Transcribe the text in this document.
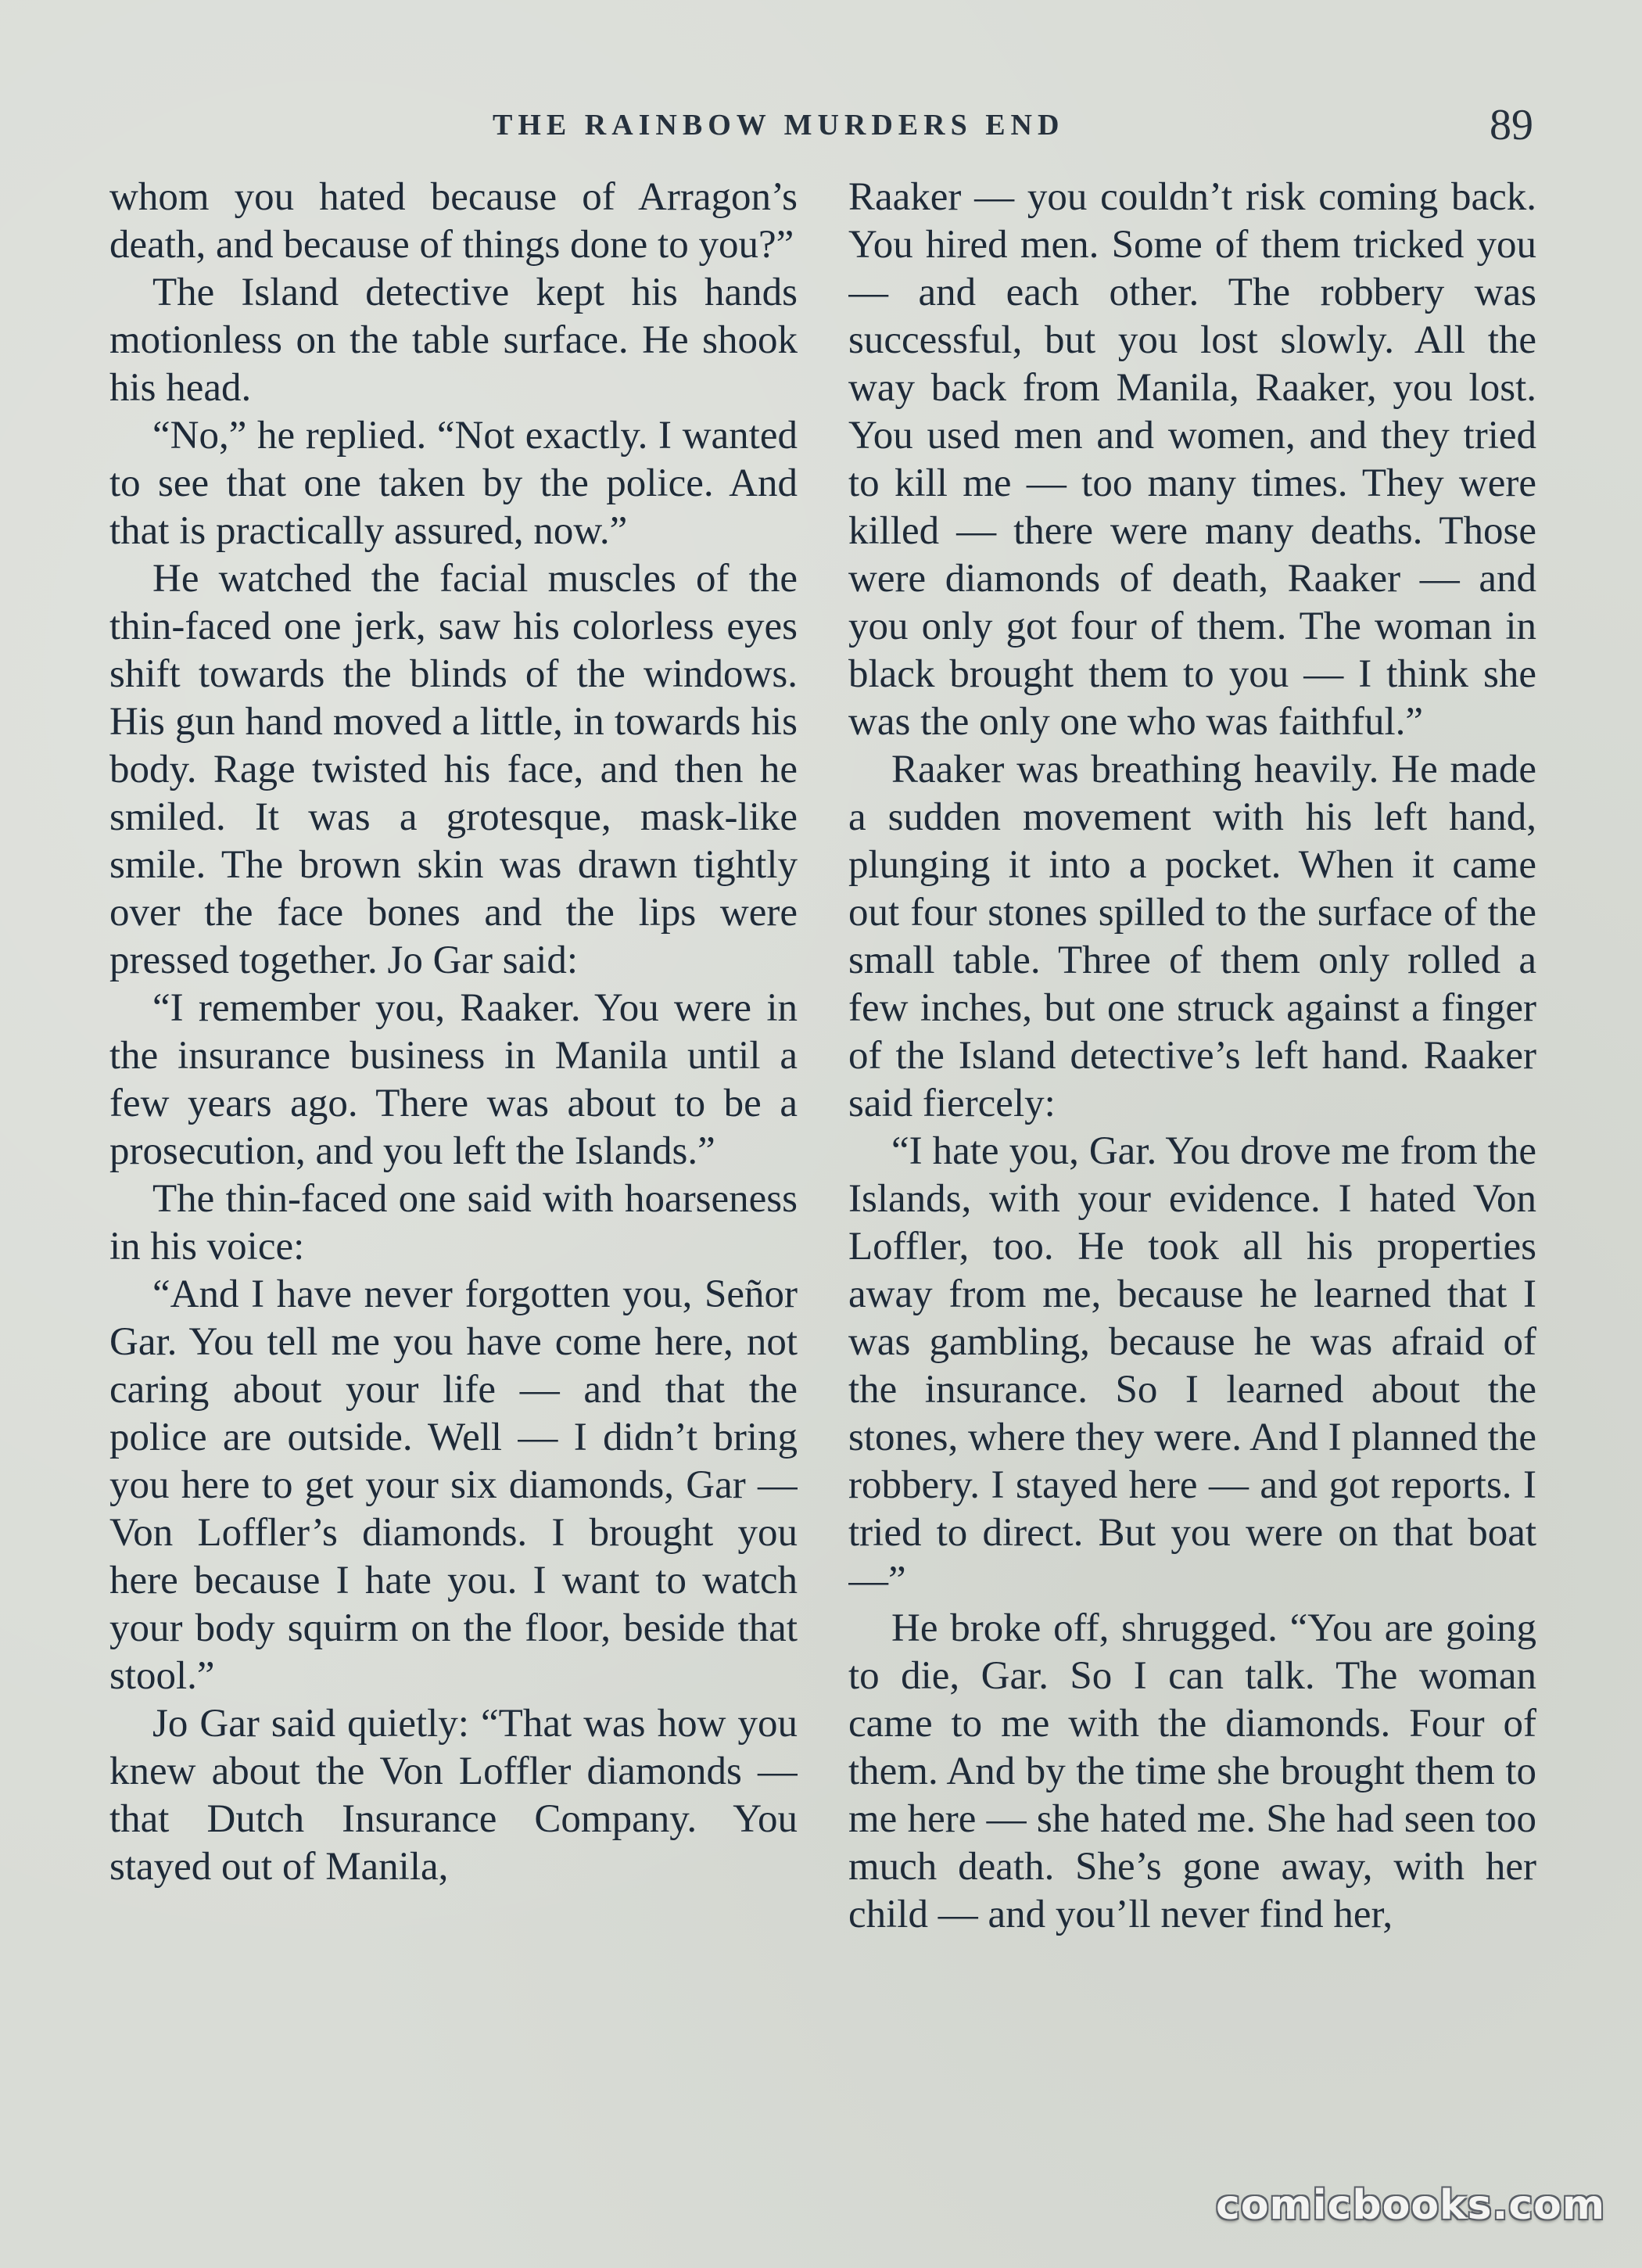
THE RAINBOW MURDERS END	89

whom you hated because of Arragon’s death, and because of things done to you?”

The Island detective kept his hands motionless on the table surface. He shook his head.

“No,” he replied. “Not exactly. I wanted to see that one taken by the police. And that is practically assured, now.”

He watched the facial muscles of the thin-faced one jerk, saw his colorless eyes shift towards the blinds of the windows. His gun hand moved a little, in towards his body. Rage twisted his face, and then he smiled. It was a grotesque, mask-like smile. The brown skin was drawn tightly over the face bones and the lips were pressed together. Jo Gar said:

“I remember you, Raaker. You were in the insurance business in Manila until a few years ago. There was about to be a prosecution, and you left the Islands.”

The thin-faced one said with hoarseness in his voice:

“And I have never forgotten you, Señor Gar. You tell me you have come here, not caring about your life — and that the police are outside. Well — I didn’t bring you here to get your six diamonds, Gar — Von Loffler’s diamonds. I brought you here because I hate you. I want to watch your body squirm on the floor, beside that stool.”

Jo Gar said quietly: “That was how you knew about the Von Loffler diamonds — that Dutch Insurance Company. You stayed out of Manila,

Raaker — you couldn’t risk coming back. You hired men. Some of them tricked you — and each other. The robbery was successful, but you lost slowly. All the way back from Manila, Raaker, you lost. You used men and women, and they tried to kill me — too many times. They were killed — there were many deaths. Those were diamonds of death, Raaker — and you only got four of them. The woman in black brought them to you — I think she was the only one who was faithful.”

Raaker was breathing heavily. He made a sudden movement with his left hand, plunging it into a pocket. When it came out four stones spilled to the surface of the small table. Three of them only rolled a few inches, but one struck against a finger of the Island detective’s left hand. Raaker said fiercely:

“I hate you, Gar. You drove me from the Islands, with your evidence. I hated Von Loffler, too. He took all his properties away from me, because he learned that I was gambling, because he was afraid of the insurance. So I learned about the stones, where they were. And I planned the robbery. I stayed here — and got reports. I tried to direct. But you were on that boat —”

He broke off, shrugged. “You are going to die, Gar. So I can talk. The woman came to me with the diamonds. Four of them. And by the time she brought them to me here — she hated me. She had seen too much death. She’s gone away, with her child — and you’ll never find her,

comicbooks.com
